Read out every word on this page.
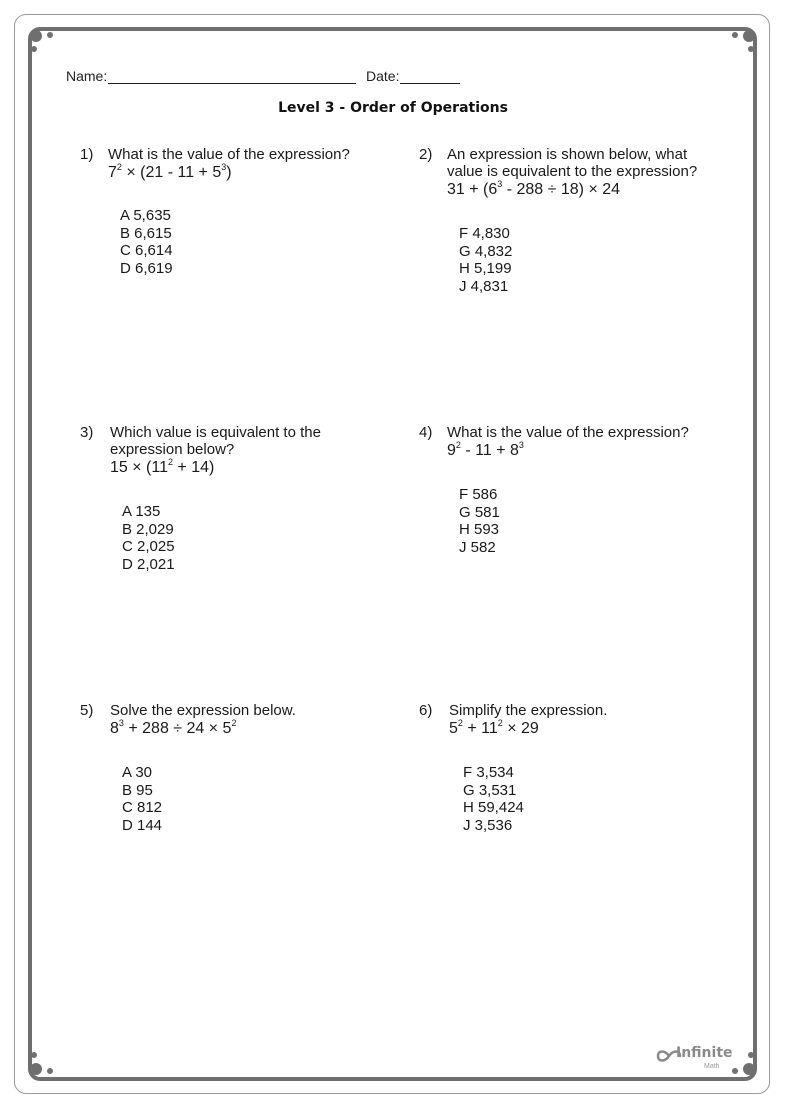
Name:	Date:
Level 3 - Order of Operations
1) What is the value of the expression?
$7^2 \times (21 - 11 + 5^3)$
A 5,635
B 6,615
C 6,614
D 6,619
2) An expression is shown below, what value is equivalent to the expression?
$31 + (6^3 - 288 \div 18) \times 24$
F 4,830
G 4,832
H 5,199
J 4,831
3) Which value is equivalent to the expression below?
$15 \times (11^2 + 14)$
A 135
B 2,029
C 2,025
D 2,021
4) What is the value of the expression?
$9^2 - 11 + 8^3$
F 586
G 581
H 593
J 582
5) Solve the expression below.
$8^3 + 288 \div 24 \times 5^2$
A 30
B 95
C 812
D 144
6) Simplify the expression.
$5^2 + 11^2 \times 29$
F 3,534
G 3,531
H 59,424
J 3,536
Infinite
Math
